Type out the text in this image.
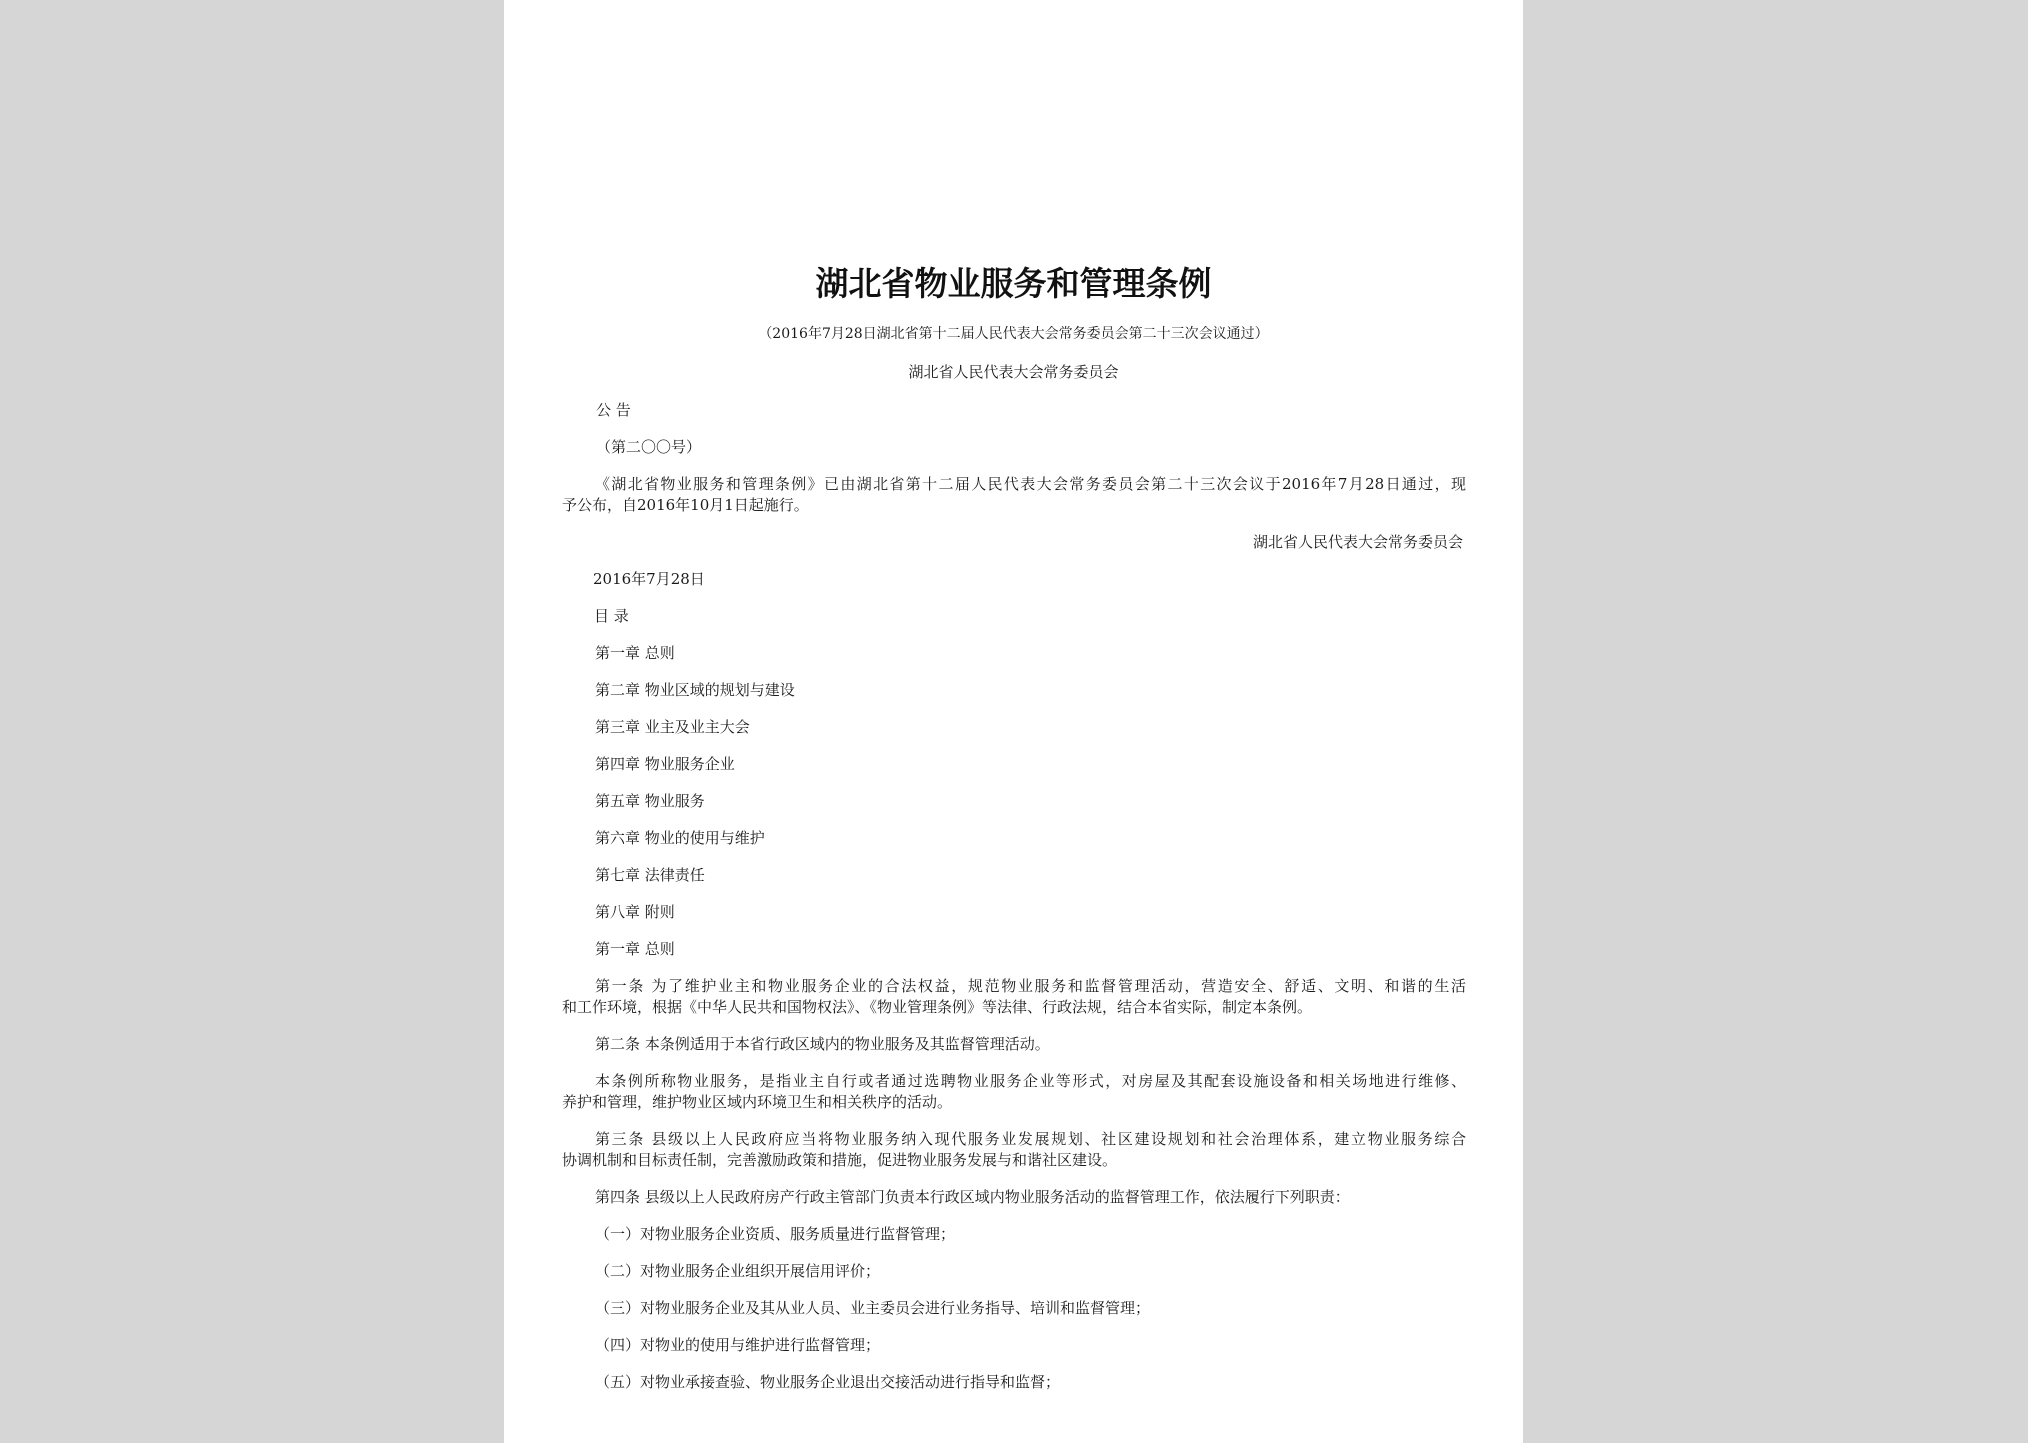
湖北省物业服务和管理条例
（2016年7月28日湖北省第十二届人民代表大会常务委员会第二十三次会议通过）
湖北省人民代表大会常务委员会
公 告
（第二〇〇号）
《湖北省物业服务和管理条例》已由湖北省第十二届人民代表大会常务委员会第二十三次会议于2016年7月28日通过，现
予公布，自2016年10月1日起施行。
湖北省人民代表大会常务委员会
2016年7月28日
目 录
第一章 总则
第二章 物业区域的规划与建设
第三章 业主及业主大会
第四章 物业服务企业
第五章 物业服务
第六章 物业的使用与维护
第七章 法律责任
第八章 附则
第一章 总则
第一条 为了维护业主和物业服务企业的合法权益，规范物业服务和监督管理活动，营造安全、舒适、文明、和谐的生活
和工作环境，根据《中华人民共和国物权法》、《物业管理条例》等法律、行政法规，结合本省实际，制定本条例。
第二条 本条例适用于本省行政区域内的物业服务及其监督管理活动。
本条例所称物业服务，是指业主自行或者通过选聘物业服务企业等形式，对房屋及其配套设施设备和相关场地进行维修、
养护和管理，维护物业区域内环境卫生和相关秩序的活动。
第三条 县级以上人民政府应当将物业服务纳入现代服务业发展规划、社区建设规划和社会治理体系，建立物业服务综合
协调机制和目标责任制，完善激励政策和措施，促进物业服务发展与和谐社区建设。
第四条 县级以上人民政府房产行政主管部门负责本行政区域内物业服务活动的监督管理工作，依法履行下列职责：
（一）对物业服务企业资质、服务质量进行监督管理；
（二）对物业服务企业组织开展信用评价；
（三）对物业服务企业及其从业人员、业主委员会进行业务指导、培训和监督管理；
（四）对物业的使用与维护进行监督管理；
（五）对物业承接查验、物业服务企业退出交接活动进行指导和监督；
